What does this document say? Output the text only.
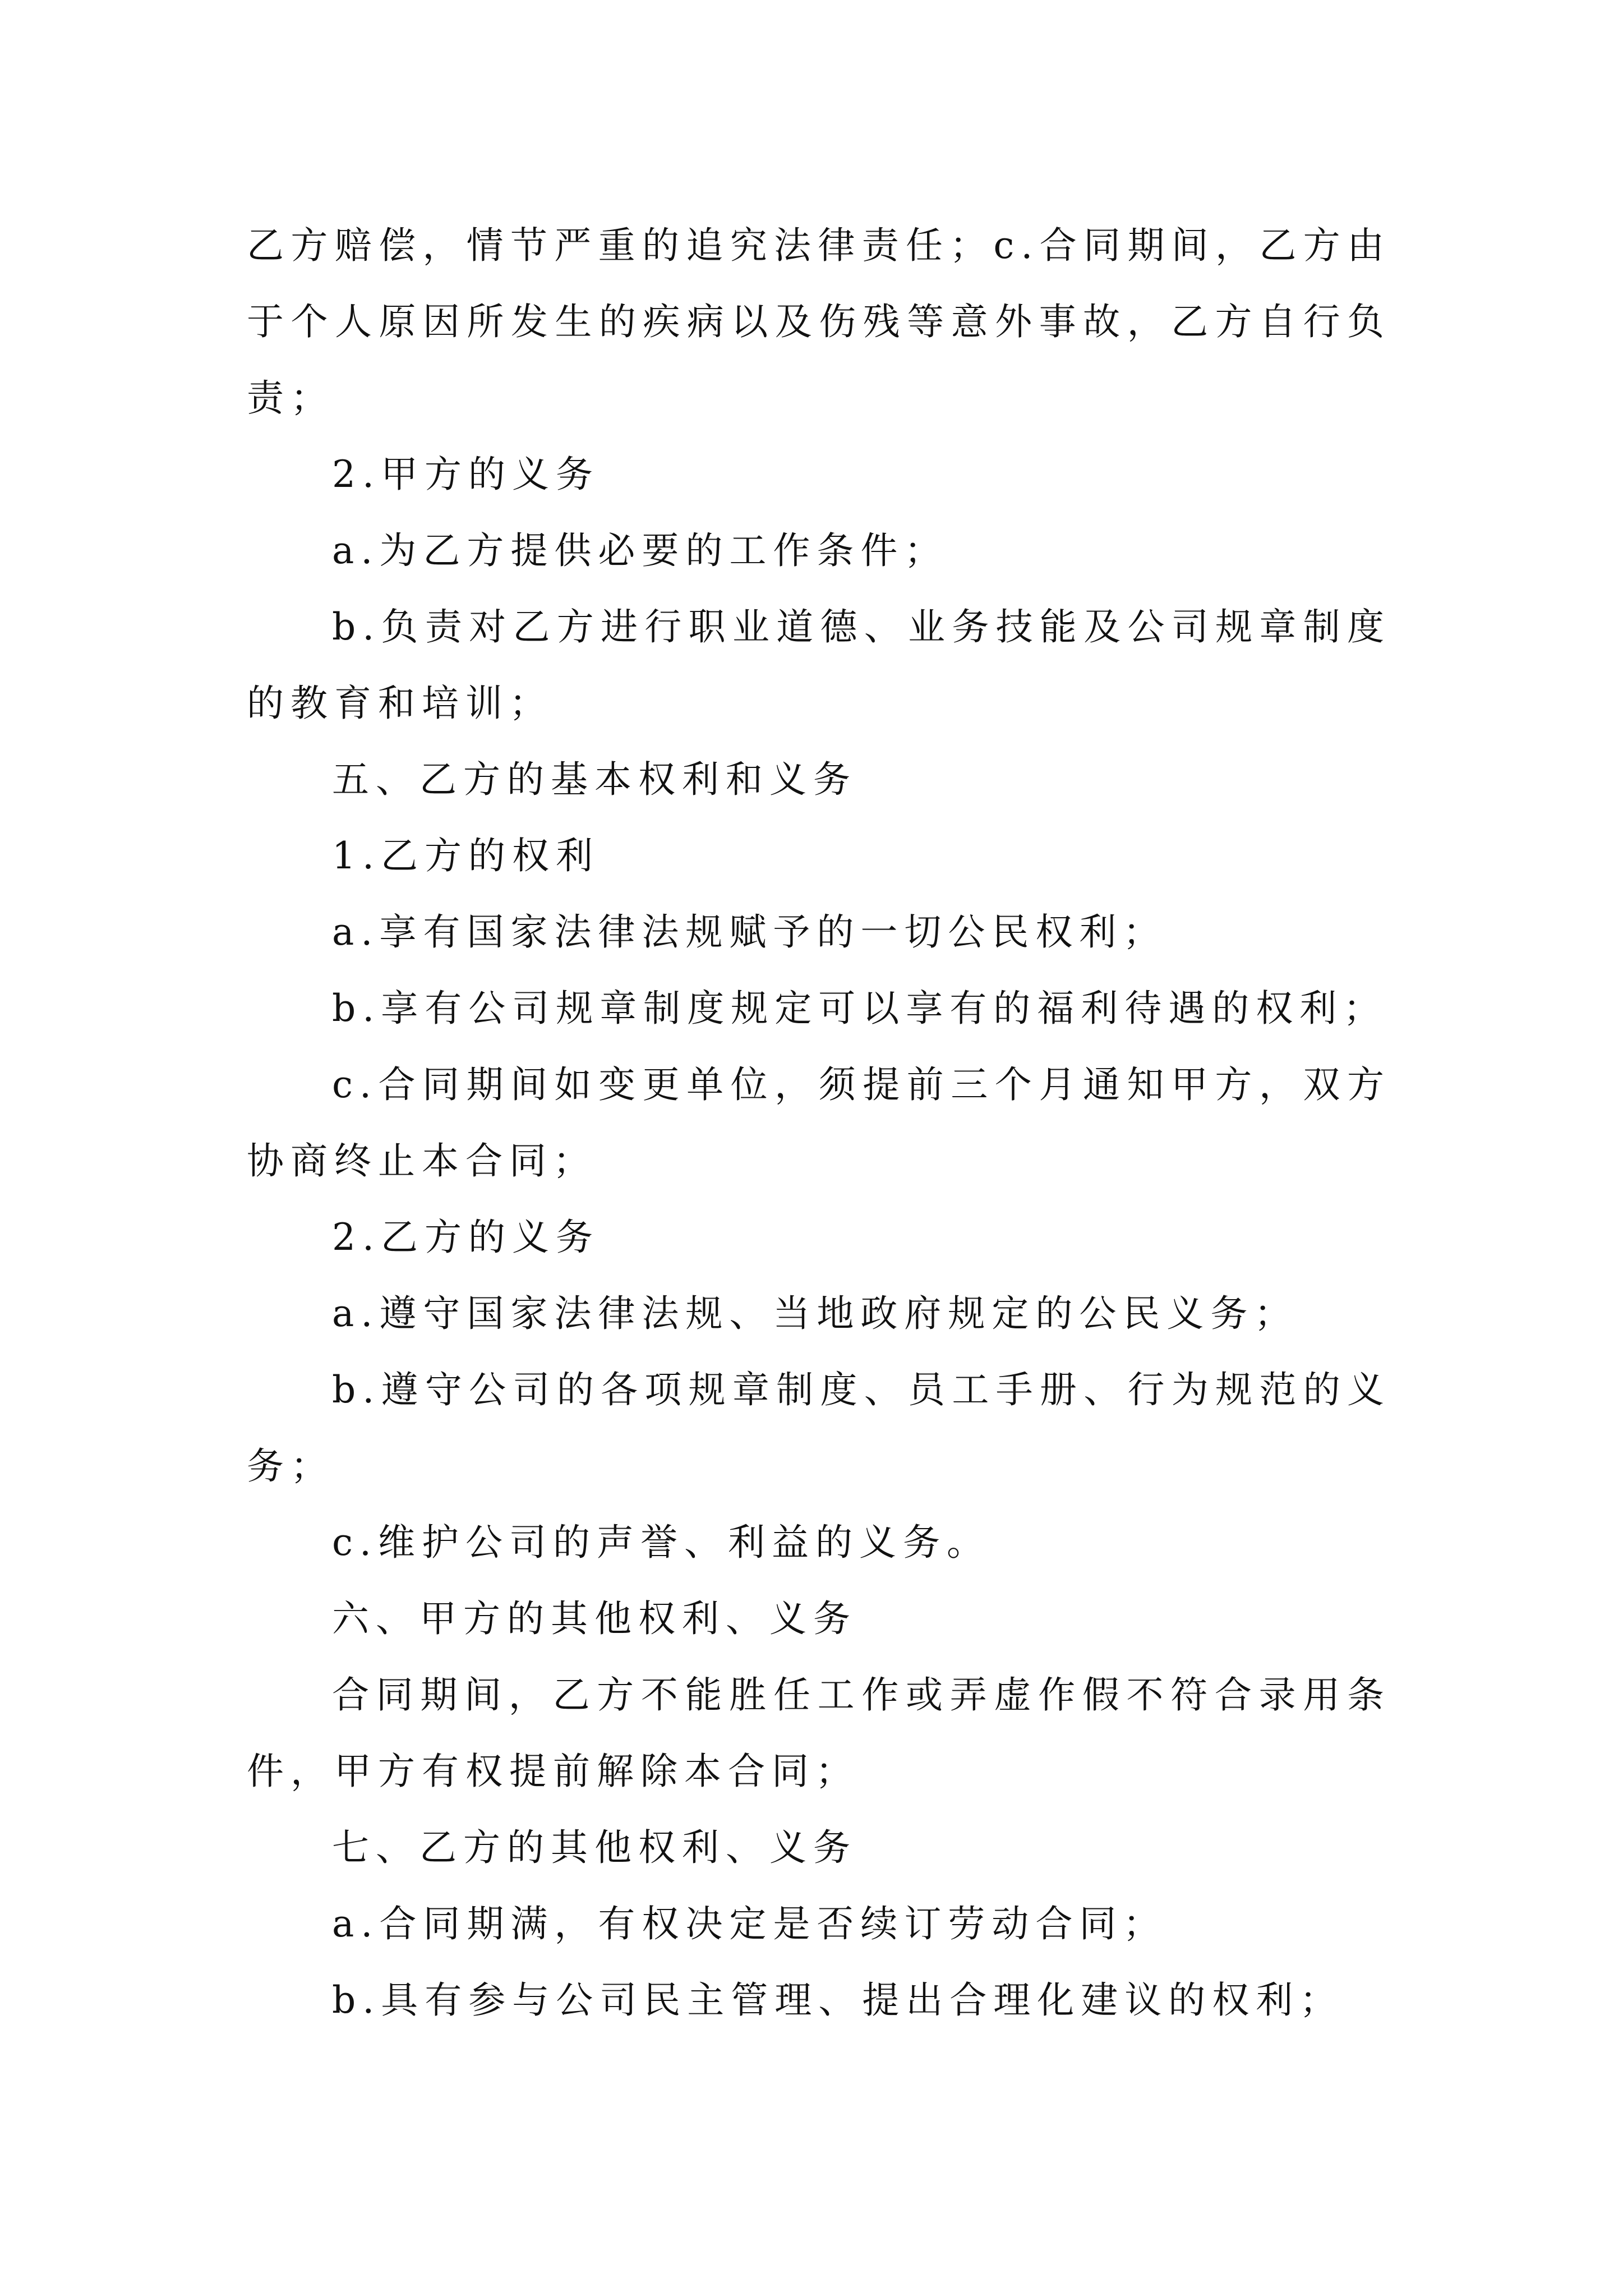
乙方赔偿，情节严重的追究法律责任；c.合同期间，乙方由于个人原因所发生的疾病以及伤残等意外事故，乙方自行负责；

2.甲方的义务

a.为乙方提供必要的工作条件；

b.负责对乙方进行职业道德、业务技能及公司规章制度的教育和培训；

五、乙方的基本权利和义务

1.乙方的权利

a.享有国家法律法规赋予的一切公民权利；

b.享有公司规章制度规定可以享有的福利待遇的权利；

c.合同期间如变更单位，须提前三个月通知甲方，双方协商终止本合同；

2.乙方的义务

a.遵守国家法律法规、当地政府规定的公民义务；

b.遵守公司的各项规章制度、员工手册、行为规范的义务；

c.维护公司的声誉、利益的义务。

六、甲方的其他权利、义务

合同期间，乙方不能胜任工作或弄虚作假不符合录用条件，甲方有权提前解除本合同；

七、乙方的其他权利、义务

a.合同期满，有权决定是否续订劳动合同；

b.具有参与公司民主管理、提出合理化建议的权利；
